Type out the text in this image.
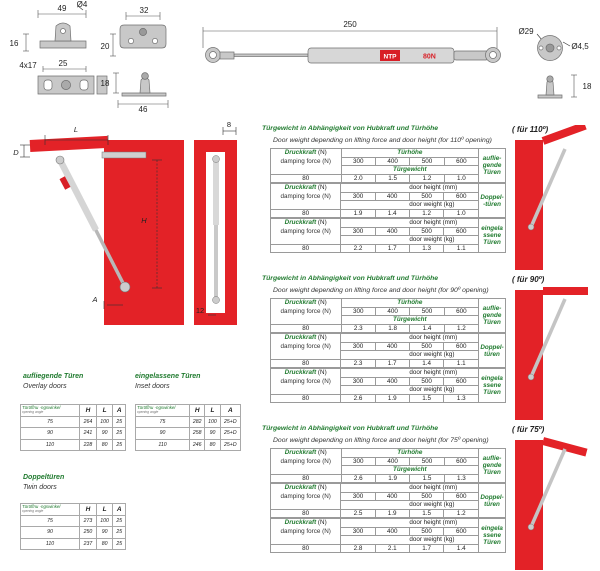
NTP	80N
49
16
25
4x17
Ø4
32
20
18
46
250
Ø29
Ø4,5
18
L
D
H
A
8
12
aufliegende Türen
Overlay doors
eingelassene Türen
Inset doors
Doppeltüren
Twin doors
Türöffnu -ngswinkel
opening angle	H	L	A
75	264	100	25
90	241	90	25
110	228	80	25
Türöffnu -ngswinkel
opening angle	H	L	A
75	282	100	25+D
90	258	90	25+D
110	246	80	25+D
Türöffnu -ngswinkel
opening angle	H	L	A
75	273	100	25
90	250	90	25
110	237	80	25
Türgewicht in Abhängigkeit von Hubkraft und Türhöhe
Door weight depending on lifting force and door height (for 110º opening)
( für 110º)
Druckkraft (N)	Türhöhe				auflie-
gende
Türen

damping force (N)	300	400	500	600	
	Türgewicht				
80	2.0	1.5	1.2	1.0	
Druckkraft (N)			door height (mm)		Doppel-
-türen

damping force (N)	300	400	500	600	
			door weight (kg)		
80	1.9	1.4	1.2	1.0	
Druckkraft (N)			door height (mm)		eingela
ssene
Türen

damping force (N)	300	400	500	600	
			door weight (kg)		
80	2.2	1.7	1.3	1.1	
Türgewicht in Abhängigkeit von Hubkraft und Türhöhe
Door weight depending on lifting force and door height (for 90º opening)
( für 90º)
Druckkraft (N)	Türhöhe				auflie-
gende
Türen

damping force (N)	300	400	500	600	
	Türgewicht				
80	2.3	1.8	1.4	1.2	
Druckkraft (N)			door height (mm)		Doppel-
türen

damping force (N)	300	400	500	600	
			door weight (kg)		
80	2.3	1.7	1.4	1.1	
Druckkraft (N)			door height (mm)		eingela
ssene
Türen

damping force (N)	300	400	500	600	
			door weight (kg)		
80	2.6	1.9	1.5	1.3	
Türgewicht in Abhängigkeit von Hubkraft und Türhöhe
Door weight depending on lifting force and door height (for 75º opening)
( für 75º)
Druckkraft (N)	Türhöhe				auflie-
gende
Türen

damping force (N)	300	400	500	600	
	Türgewicht				
80	2.6	1.9	1.5	1.3	
Druckkraft (N)			door height (mm)		Doppel-
türen

damping force (N)	300	400	500	600	
			door weight (kg)		
80	2.5	1.9	1.5	1.2	
Druckkraft (N)			door height (mm)		eingela
ssene
Türen

damping force (N)	300	400	500	600	
			door weight (kg)		
80	2.8	2.1	1.7	1.4	
